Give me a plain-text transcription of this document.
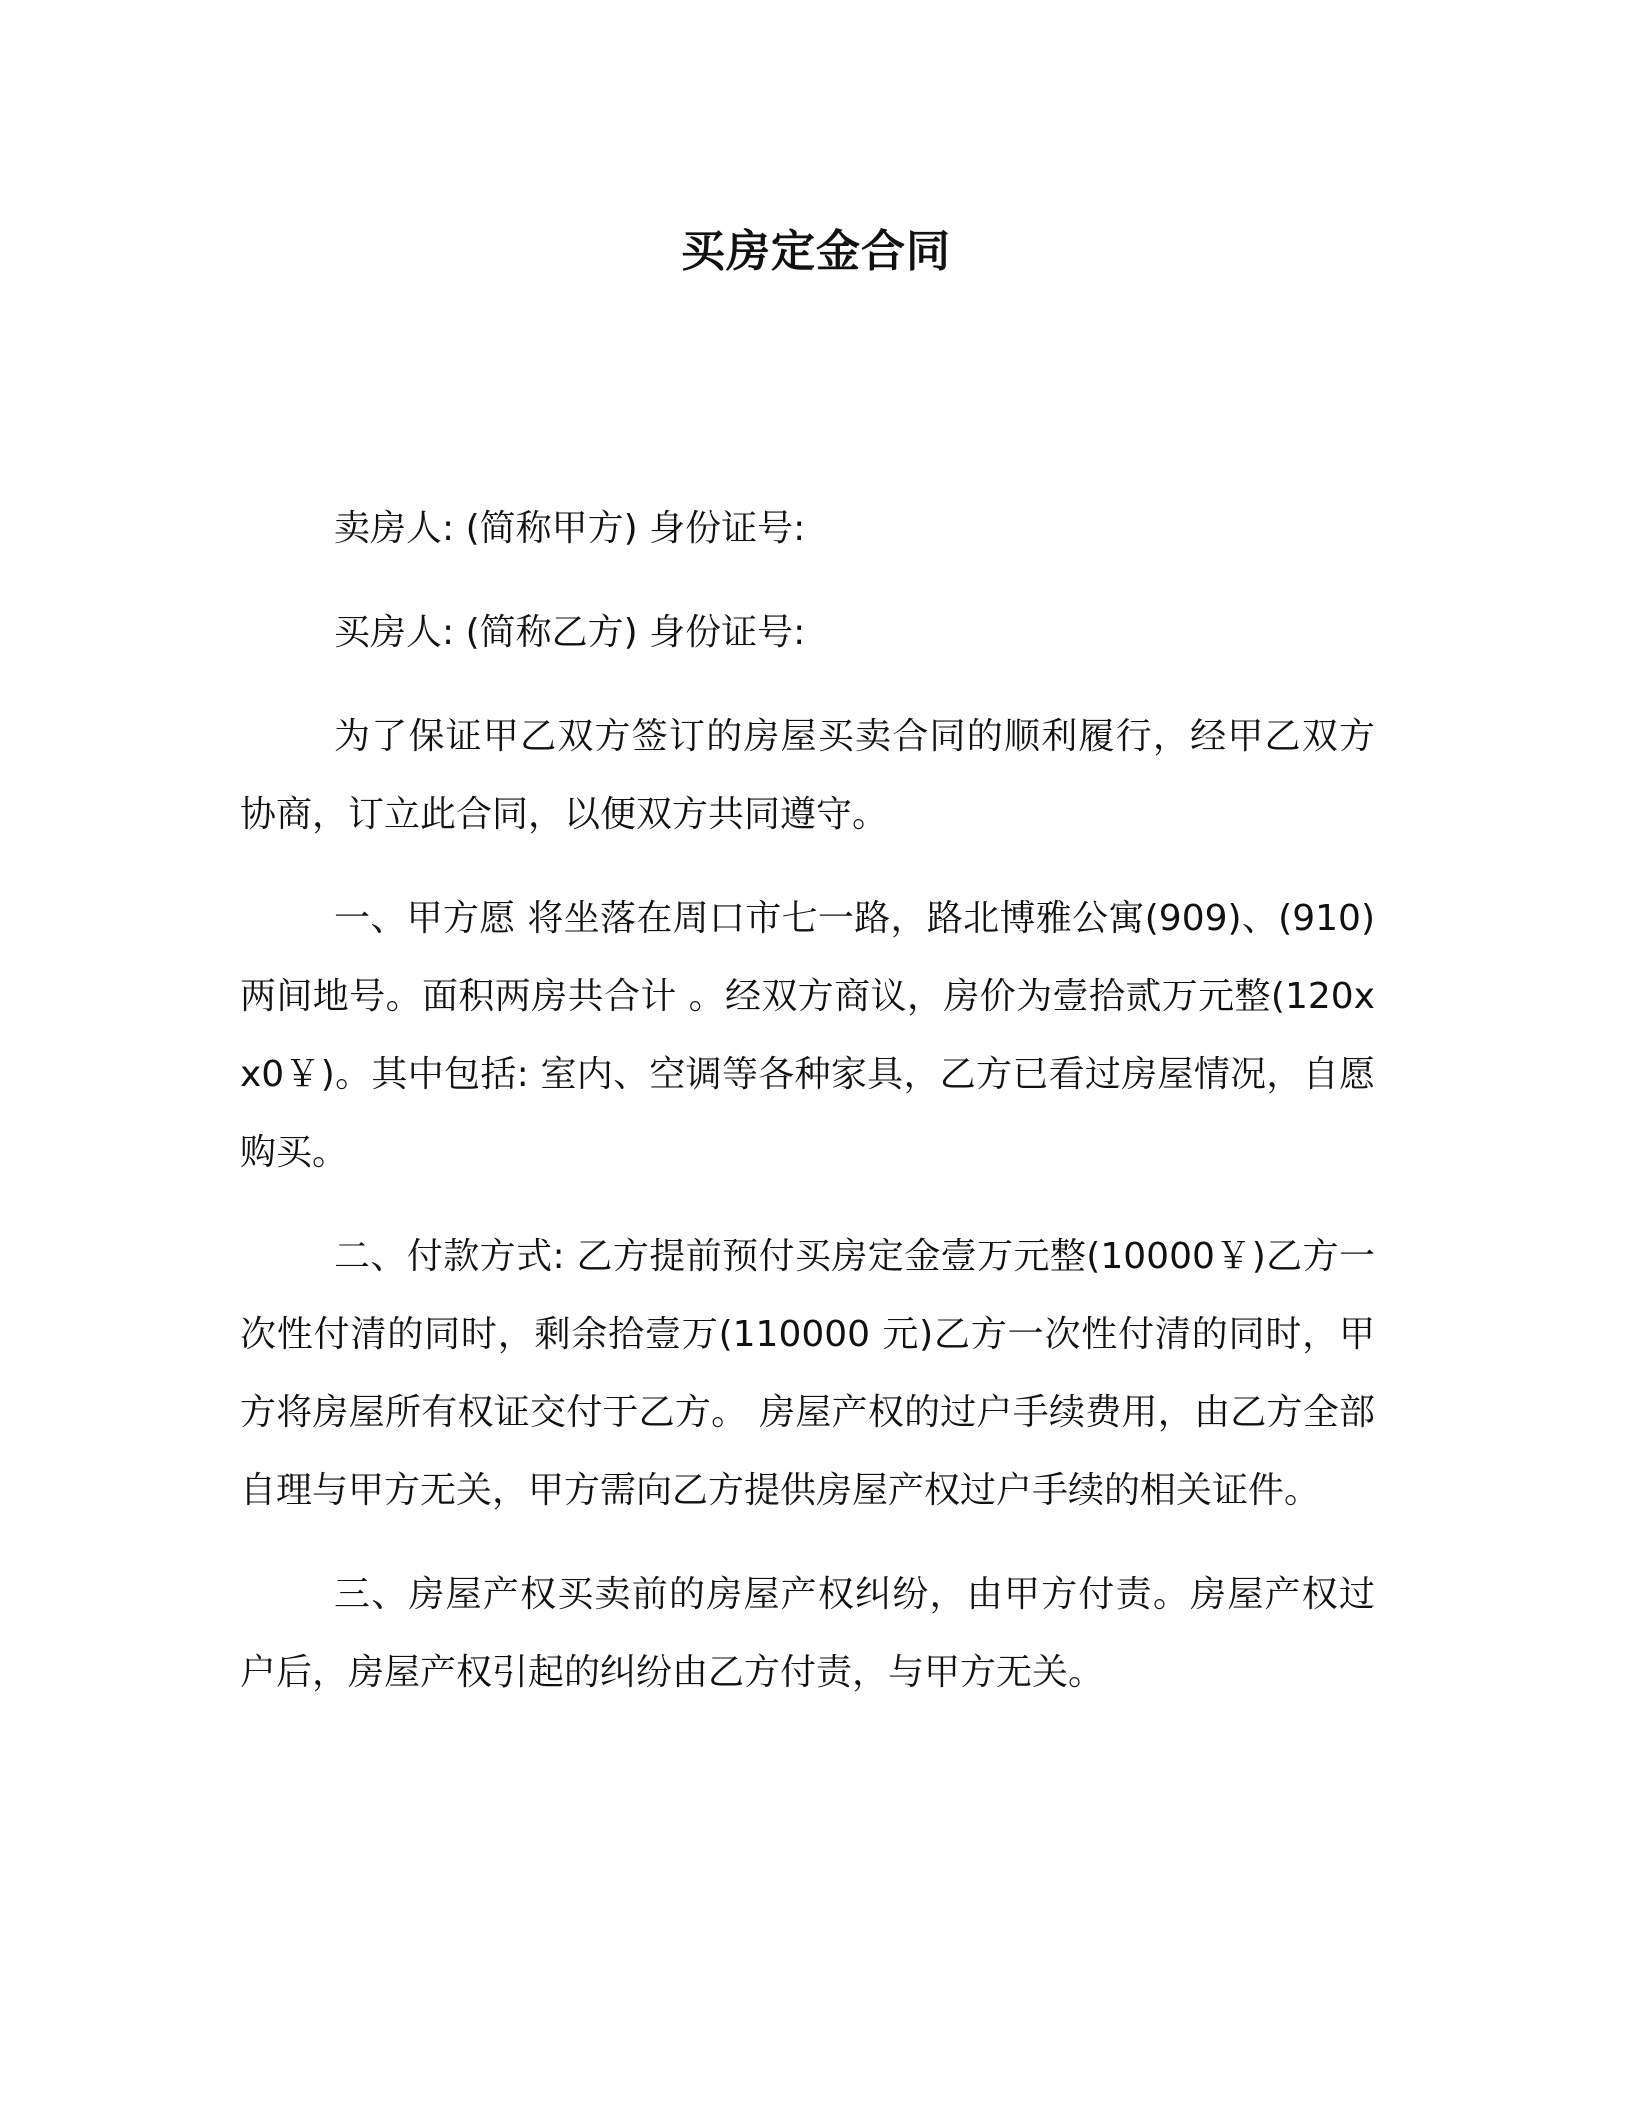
买房定金合同

卖房人: (简称甲方) 身份证号:

买房人: (简称乙方) 身份证号:

为了保证甲乙双方签订的房屋买卖合同的顺利履行，经甲乙双方协商，订立此合同，以便双方共同遵守。

一、甲方愿 将坐落在周口市七一路，路北博雅公寓(909)、(910)两间地号。面积两房共合计 。经双方商议，房价为壹拾贰万元整(120xx0￥)。其中包括: 室内、空调等各种家具，乙方已看过房屋情况，自愿购买。

二、付款方式: 乙方提前预付买房定金壹万元整(10000￥)乙方一次性付清的同时，剩余拾壹万(110000 元)乙方一次性付清的同时，甲方将房屋所有权证交付于乙方。 房屋产权的过户手续费用，由乙方全部自理与甲方无关，甲方需向乙方提供房屋产权过户手续的相关证件。

三、房屋产权买卖前的房屋产权纠纷，由甲方付责。房屋产权过户后，房屋产权引起的纠纷由乙方付责，与甲方无关。
